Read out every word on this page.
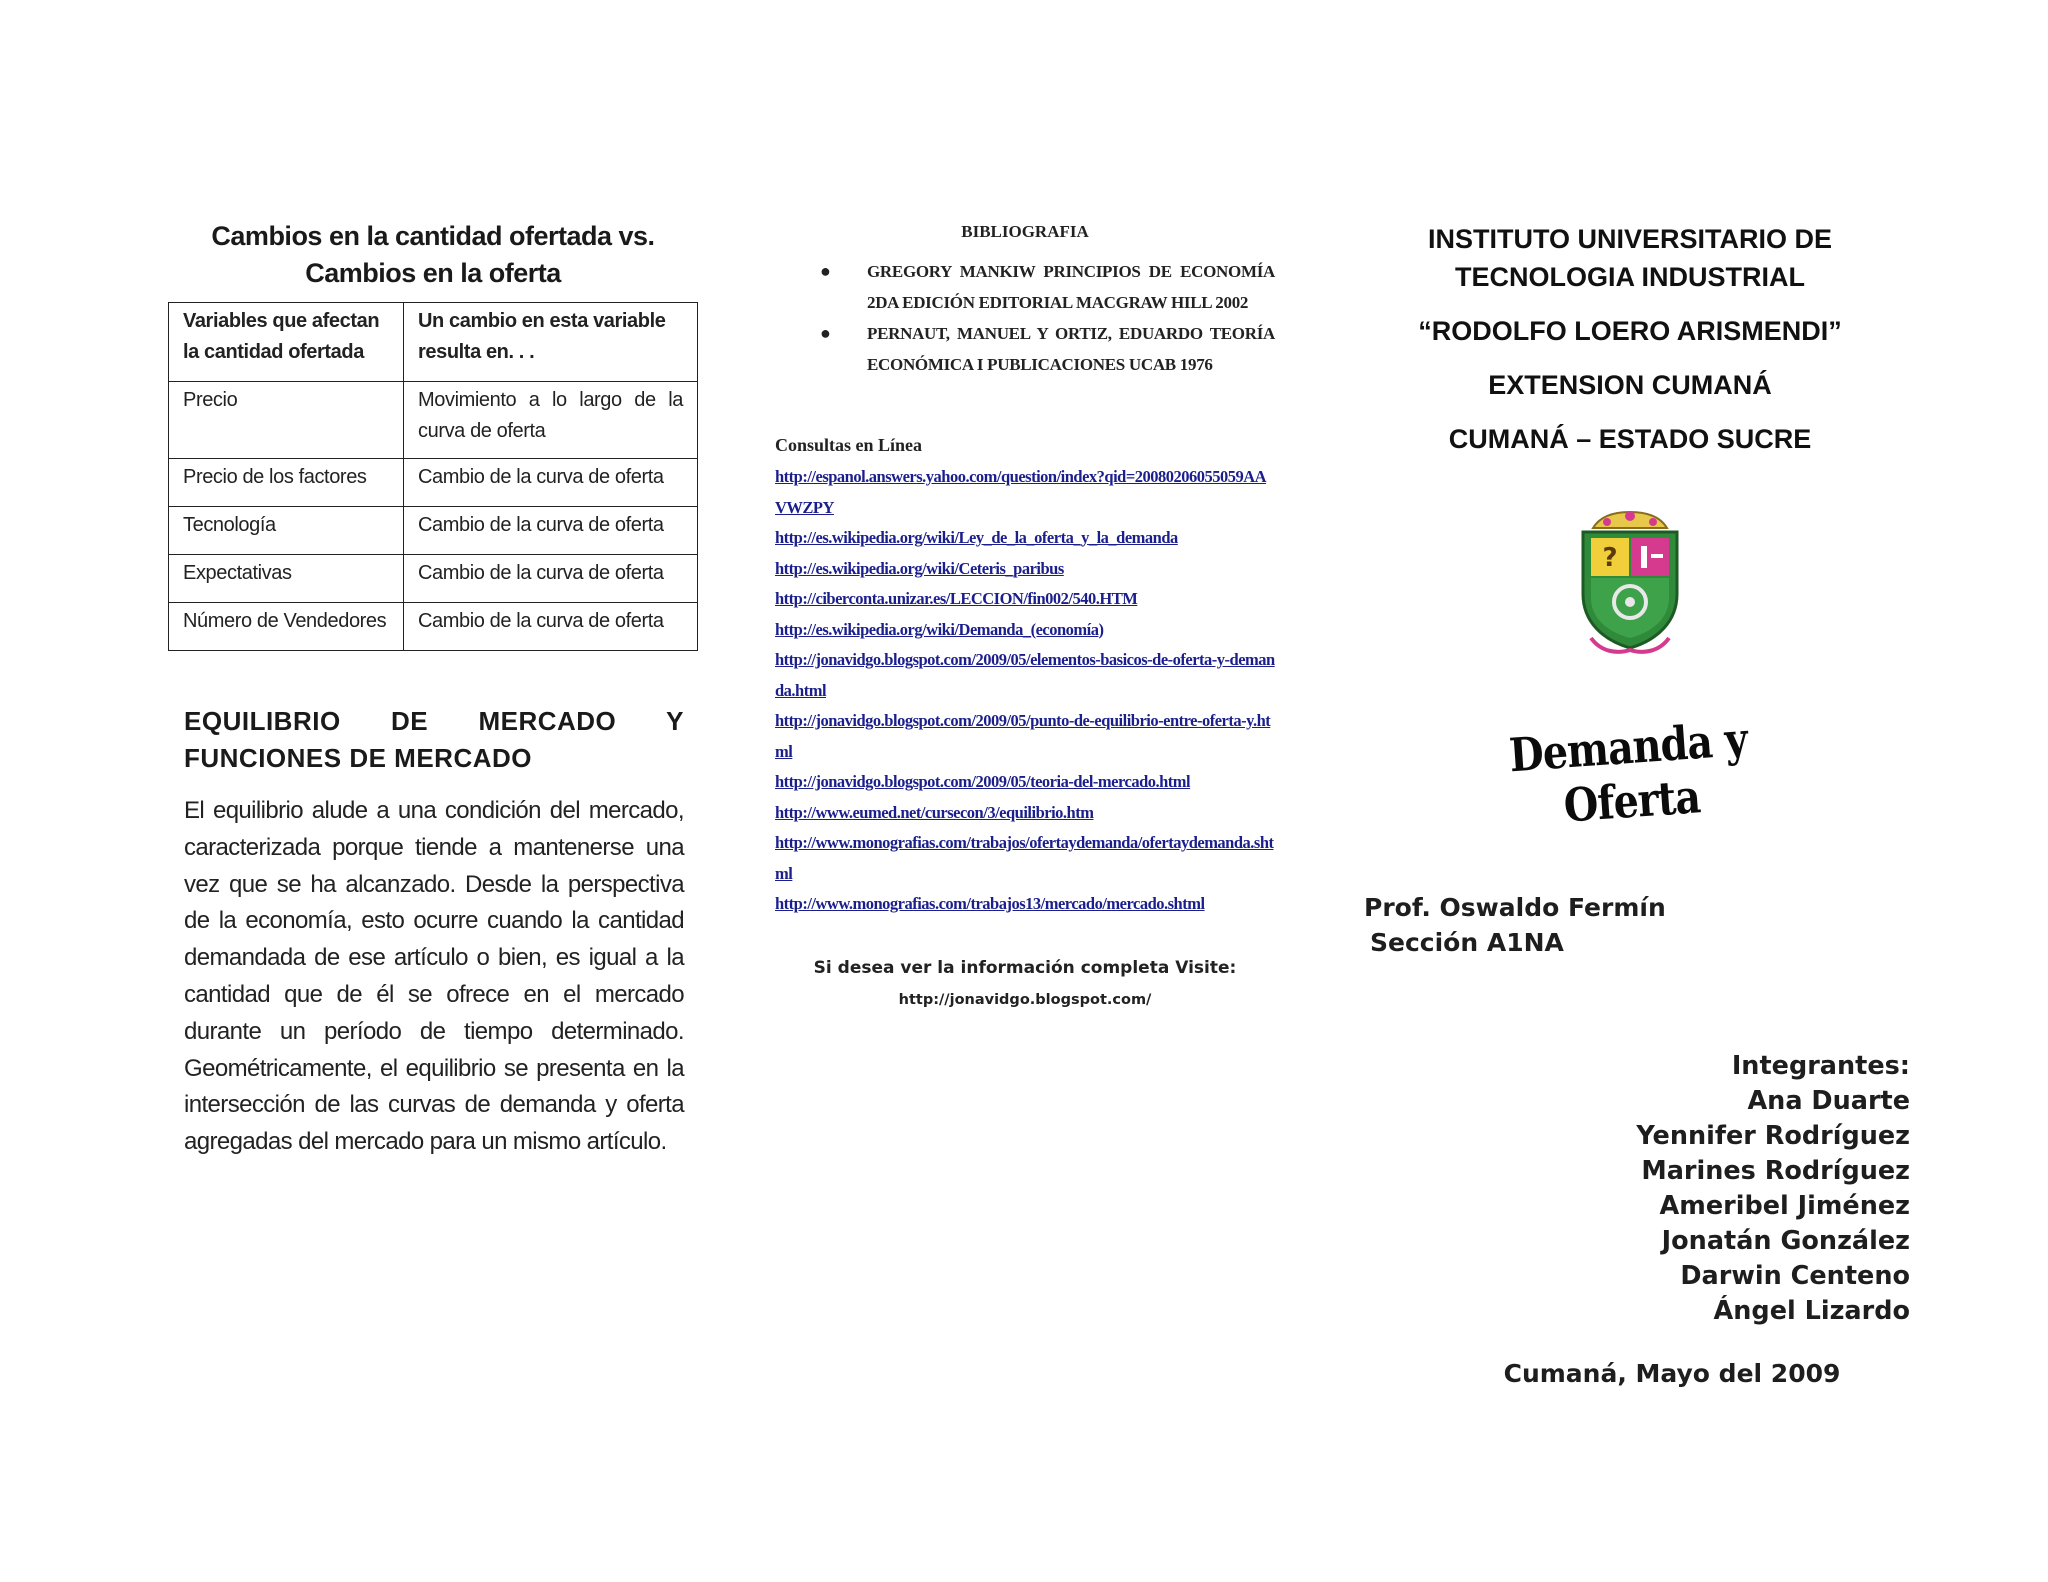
Cambios en la cantidad ofertada vs. Cambios en la oferta
Variables que afectan la cantidad ofertada	Un cambio en esta variable resulta en. . .
Precio	Movimiento a lo largo de la curva de oferta
Precio de los factores	Cambio de la curva de oferta
Tecnología	Cambio de la curva de oferta
Expectativas	Cambio de la curva de oferta
Número de Vendedores	Cambio de la curva de oferta
EQUILIBRIO DE MERCADO Y FUNCIONES DE MERCADO
El equilibrio alude a una condición del mercado, caracterizada porque tiende a mantenerse una vez que se ha alcanzado. Desde la perspectiva de la economía, esto ocurre cuando la cantidad demandada de ese artículo o bien, es igual a la cantidad que de él se ofrece en el mercado durante un período de tiempo determinado. Geométricamente, el equilibrio se presenta en la intersección de las curvas de demanda y oferta agregadas del mercado para un mismo artículo.
BIBLIOGRAFIA
● GREGORY MANKIW PRINCIPIOS DE ECONOMÍA 2DA EDICIÓN EDITORIAL MACGRAW HILL 2002
● PERNAUT, MANUEL Y ORTIZ, EDUARDO TEORÍA ECONÓMICA I PUBLICACIONES UCAB 1976
Consultas en Línea
http://espanol.answers.yahoo.com/question/index?qid=20080206055059AAVWZPY
http://es.wikipedia.org/wiki/Ley_de_la_oferta_y_la_demanda
http://es.wikipedia.org/wiki/Ceteris_paribus
http://ciberconta.unizar.es/LECCION/fin002/540.HTM
http://es.wikipedia.org/wiki/Demanda_(economía)
http://jonavidgo.blogspot.com/2009/05/elementos-basicos-de-oferta-y-demanda.html
http://jonavidgo.blogspot.com/2009/05/punto-de-equilibrio-entre-oferta-y.html
http://jonavidgo.blogspot.com/2009/05/teoria-del-mercado.html
http://www.eumed.net/cursecon/3/equilibrio.htm
http://www.monografias.com/trabajos/ofertaydemanda/ofertaydemanda.shtml
http://www.monografias.com/trabajos13/mercado/mercado.shtml
Si desea ver la información completa Visite:
http://jonavidgo.blogspot.com/
INSTITUTO UNIVERSITARIO DE
TECNOLOGIA INDUSTRIAL
“RODOLFO LOERO ARISMENDI”
EXTENSION CUMANÁ
CUMANÁ – ESTADO SUCRE
?
Demanda y Oferta
Prof. Oswaldo Fermín
Sección A1NA
Integrantes:
Ana Duarte
Yennifer Rodríguez
Marines Rodríguez
Ameribel Jiménez
Jonatán González
Darwin Centeno
Ángel Lizardo
Cumaná, Mayo del 2009
